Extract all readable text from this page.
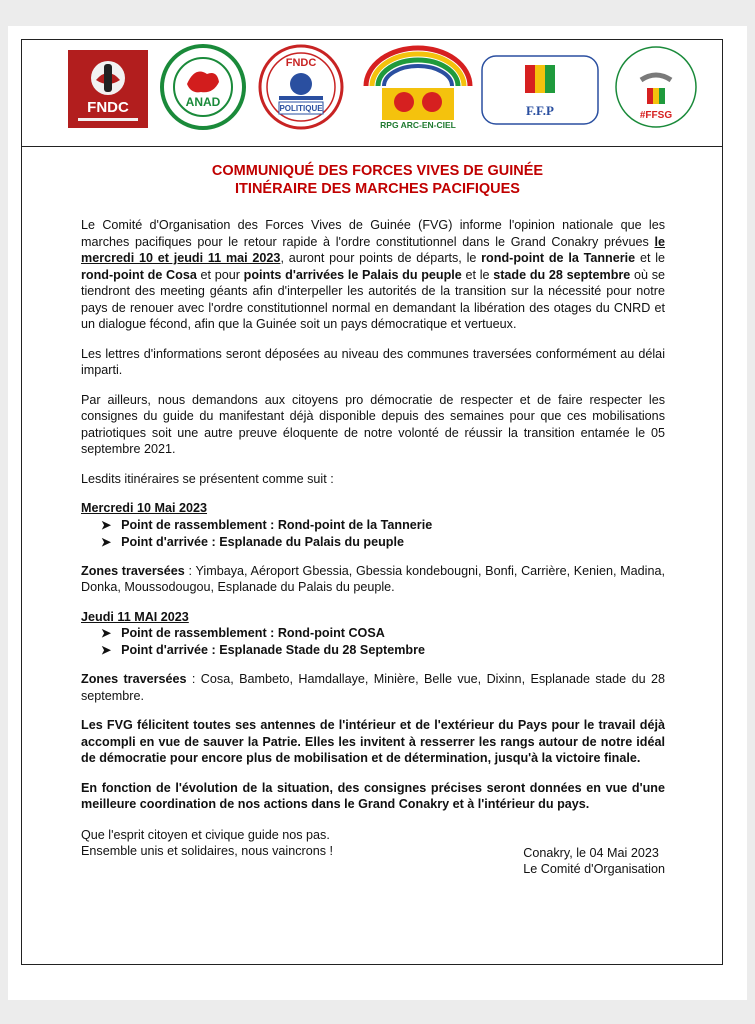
FNDC	ANAD
FNDC
POLITIQUE
RPG ARC-EN-CIEL
F.F.P	#FFSG
COMMUNIQUÉ DES FORCES VIVES DE GUINÉE
ITINÉRAIRE DES MARCHES PACIFIQUES

Le Comité d'Organisation des Forces Vives de Guinée (FVG) informe l'opinion nationale que les marches pacifiques pour le retour rapide à l'ordre constitutionnel dans le Grand Conakry prévues le mercredi 10 et jeudi 11 mai 2023, auront pour points de départs, le rond-point de la Tannerie et le rond-point de Cosa et pour points d'arrivées le Palais du peuple et le stade du 28 septembre où se tiendront des meeting géants afin d'interpeller les autorités de la transition sur la nécessité pour notre pays de renouer avec l'ordre constitutionnel normal en demandant la libération des otages du CNRD et un dialogue fécond, afin que la Guinée soit un pays démocratique et vertueux.

Les lettres d'informations seront déposées au niveau des communes traversées conformément au délai imparti.

Par ailleurs, nous demandons aux citoyens pro démocratie de respecter et de faire respecter les consignes du guide du manifestant déjà disponible depuis des semaines pour que ces mobilisations patriotiques soit une autre preuve éloquente de notre volonté de réussir la transition entamée le 05 septembre 2021.

Lesdits itinéraires se présentent comme suit :

Mercredi 10 Mai 2023
➤ Point de rassemblement : Rond-point de la Tannerie
➤ Point d'arrivée : Esplanade du Palais du peuple

Zones traversées : Yimbaya, Aéroport Gbessia, Gbessia kondebougni, Bonfi, Carrière, Kenien, Madina, Donka, Moussodougou, Esplanade du Palais du peuple.

Jeudi 11 MAI 2023
➤ Point de rassemblement : Rond-point COSA
➤ Point d'arrivée : Esplanade Stade du 28 Septembre

Zones traversées : Cosa, Bambeto, Hamdallaye, Minière, Belle vue, Dixinn, Esplanade stade du 28 septembre.

Les FVG félicitent toutes ses antennes de l'intérieur et de l'extérieur du Pays pour le travail déjà accompli en vue de sauver la Patrie. Elles les invitent à resserrer les rangs autour de notre idéal de démocratie pour encore plus de mobilisation et de détermination, jusqu'à la victoire finale.

En fonction de l'évolution de la situation, des consignes précises seront données en vue d'une meilleure coordination de nos actions dans le Grand Conakry et à l'intérieur du pays.

Que l'esprit citoyen et civique guide nos pas.
Ensemble unis et solidaires, nous vaincrons !	Conakry, le 04 Mai 2023
Le Comité d'Organisation
